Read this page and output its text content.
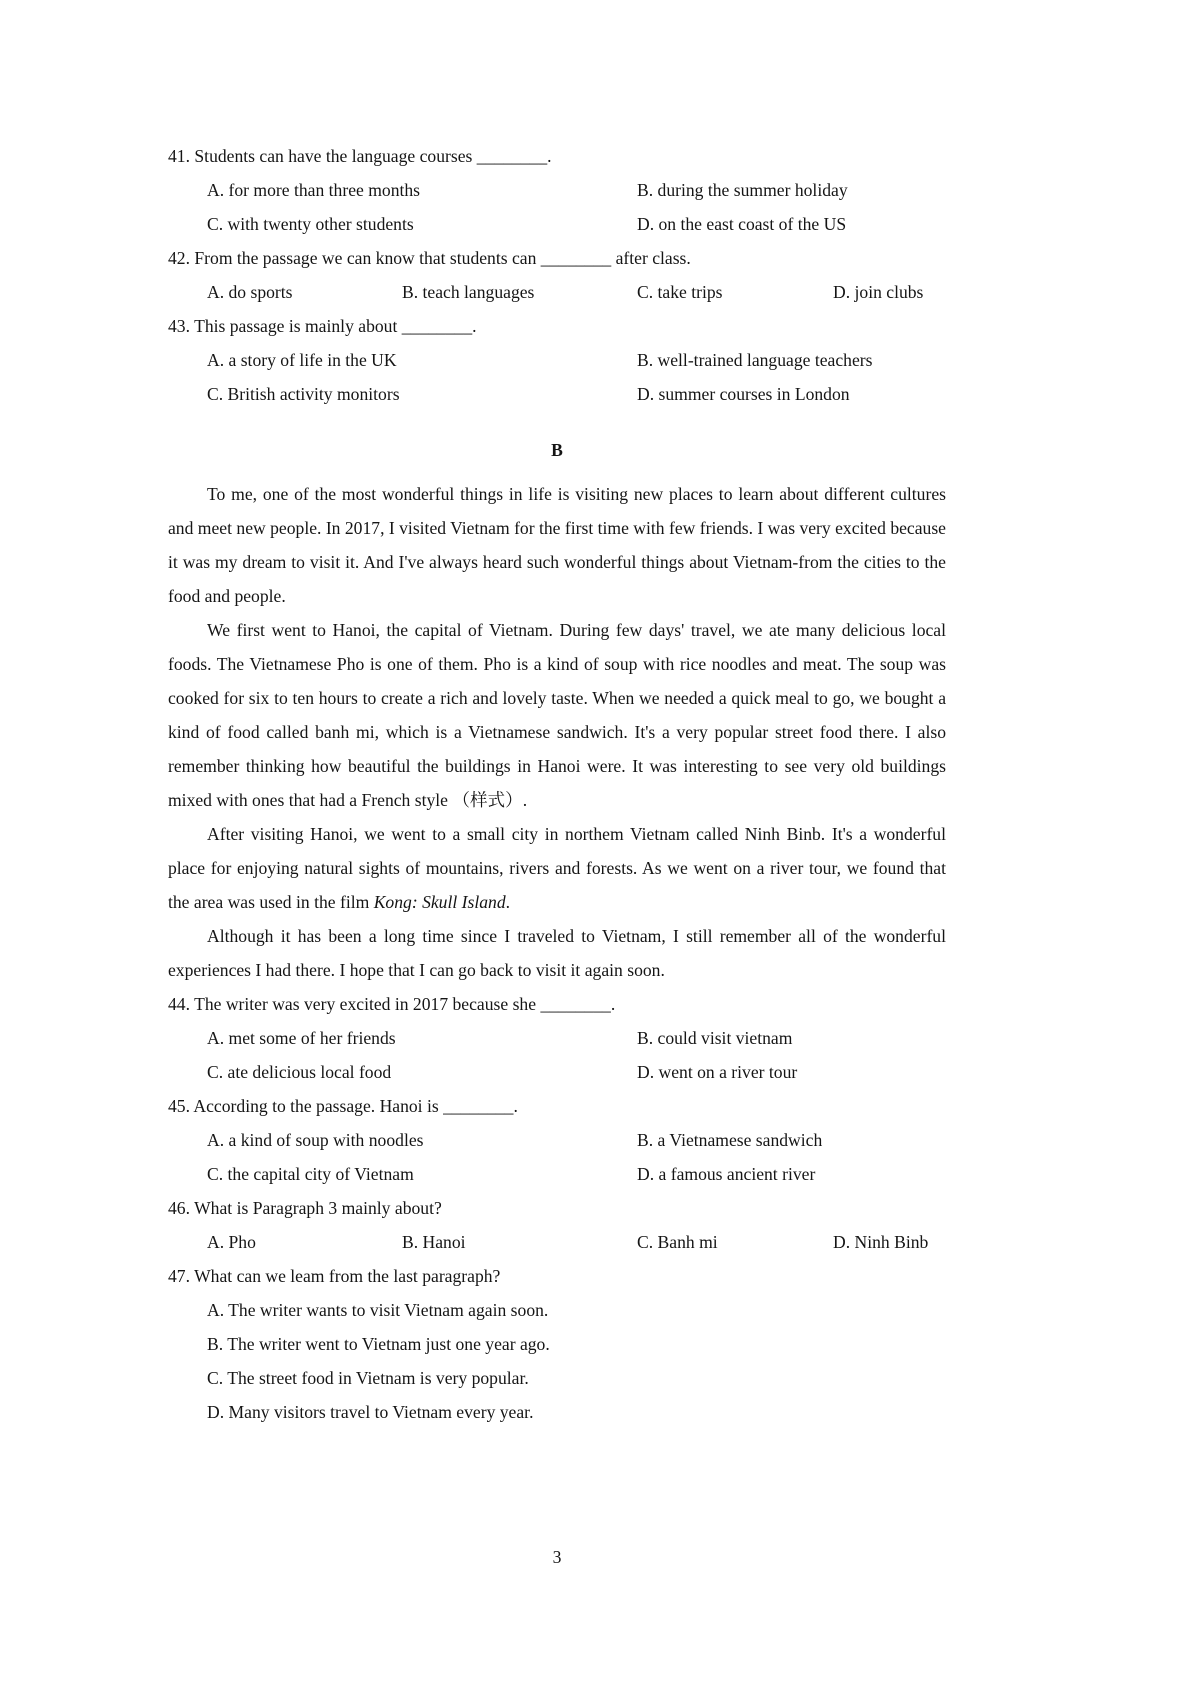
41. Students can have the language courses ________.
A. for more than three months	B. during the summer holiday
C. with twenty other students	D. on the east coast of the US
42. From the passage we can know that students can ________ after class.
A. do sports	B. teach languages	C. take trips	D. join clubs
43. This passage is mainly about ________.
A. a story of life in the UK	B. well-trained language teachers
C. British activity monitors	D. summer courses in London
B

To me, one of the most wonderful things in life is visiting new places to learn about different cultures and meet new people. In 2017, I visited Vietnam for the first time with few friends. I was very excited because it was my dream to visit it. And I've always heard such wonderful things about Vietnam-from the cities to the food and people.

We first went to Hanoi, the capital of Vietnam. During few days' travel, we ate many delicious local foods. The Vietnamese Pho is one of them. Pho is a kind of soup with rice noodles and meat. The soup was cooked for six to ten hours to create a rich and lovely taste. When we needed a quick meal to go, we bought a kind of food called banh mi, which is a Vietnamese sandwich. It's a very popular street food there. I also remember thinking how beautiful the buildings in Hanoi were. It was interesting to see very old buildings mixed with ones that had a French style （样式）.

After visiting Hanoi, we went to a small city in northem Vietnam called Ninh Binb. It's a wonderful place for enjoying natural sights of mountains, rivers and forests. As we went on a river tour, we found that the area was used in the film Kong: Skull Island.

Although it has been a long time since I traveled to Vietnam, I still remember all of the wonderful experiences I had there. I hope that I can go back to visit it again soon.

44. The writer was very excited in 2017 because she ________.
A. met some of her friends	B. could visit vietnam
C. ate delicious local food	D. went on a river tour
45. According to the passage. Hanoi is ________.
A. a kind of soup with noodles	B. a Vietnamese sandwich
C. the capital city of Vietnam	D. a famous ancient river
46. What is Paragraph 3 mainly about?
A. Pho	B. Hanoi	C. Banh mi	D. Ninh Binb
47. What can we leam from the last paragraph?
A. The writer wants to visit Vietnam again soon.
B. The writer went to Vietnam just one year ago.
C. The street food in Vietnam is very popular.
D. Many visitors travel to Vietnam every year.
3
